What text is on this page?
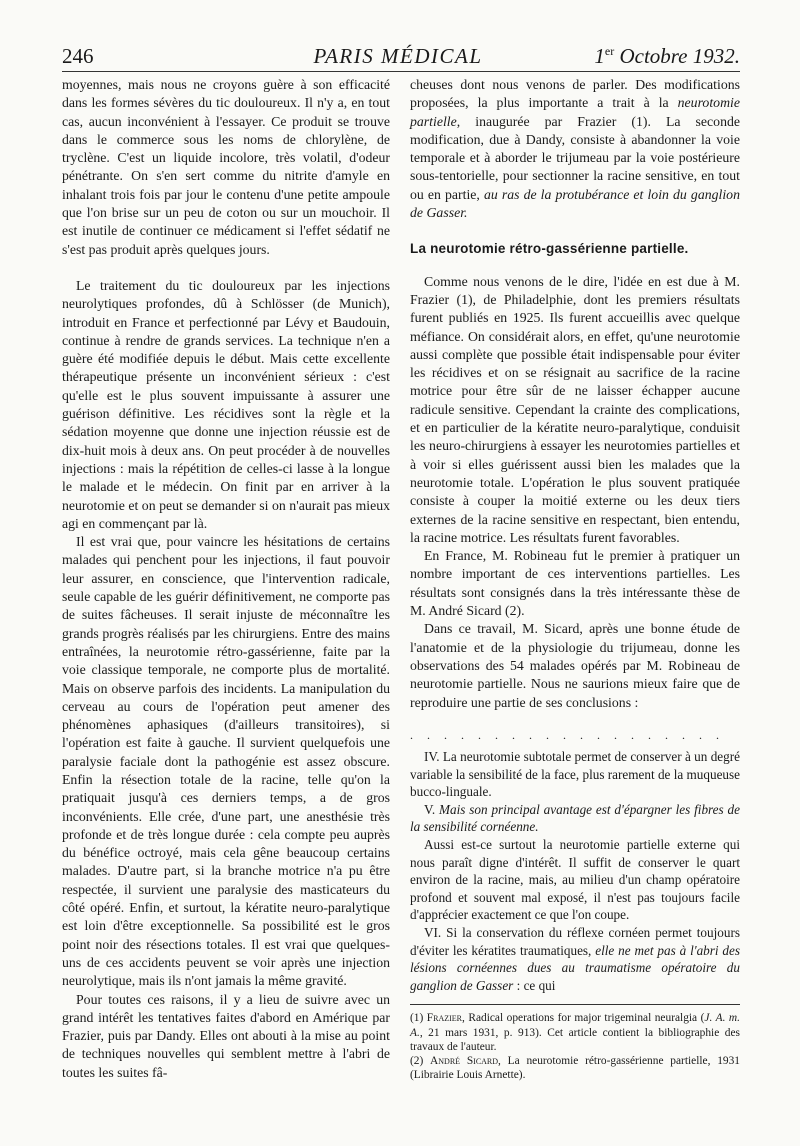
246	PARIS MÉDICAL	1er Octobre 1932.

moyennes, mais nous ne croyons guère à son efficacité dans les formes sévères du tic douloureux. Il n'y a, en tout cas, aucun inconvénient à l'essayer. Ce produit se trouve dans le commerce sous les noms de chlorylène, de tryclène. C'est un liquide incolore, très volatil, d'odeur pénétrante. On s'en sert comme du nitrite d'amyle en inhalant trois fois par jour le contenu d'une petite ampoule que l'on brise sur un peu de coton ou sur un mouchoir. Il est inutile de continuer ce médicament si l'effet sédatif ne s'est pas produit après quelques jours.

Le traitement du tic douloureux par les injections neurolytiques profondes, dû à Schlösser (de Munich), introduit en France et perfectionné par Lévy et Baudouin, continue à rendre de grands services. La technique n'en a guère été modifiée depuis le début. Mais cette excellente thérapeutique présente un inconvénient sérieux : c'est qu'elle est le plus souvent impuissante à assurer une guérison définitive. Les récidives sont la règle et la sédation moyenne que donne une injection réussie est de dix-huit mois à deux ans. On peut procéder à de nouvelles injections : mais la répétition de celles-ci lasse à la longue le malade et le médecin. On finit par en arriver à la neurotomie et on peut se demander si on n'aurait pas mieux agi en commençant par là.

Il est vrai que, pour vaincre les hésitations de certains malades qui penchent pour les injections, il faut pouvoir leur assurer, en conscience, que l'intervention radicale, seule capable de les guérir définitivement, ne comporte pas de suites fâcheuses. Il serait injuste de méconnaître les grands progrès réalisés par les chirurgiens. Entre des mains entraînées, la neurotomie rétro-gassérienne, faite par la voie classique temporale, ne comporte plus de mortalité. Mais on observe parfois des incidents. La manipulation du cerveau au cours de l'opération peut amener des phénomènes aphasiques (d'ailleurs transitoires), si l'opération est faite à gauche. Il survient quelquefois une paralysie faciale dont la pathogénie est assez obscure. Enfin la résection totale de la racine, telle qu'on la pratiquait jusqu'à ces derniers temps, a de gros inconvénients. Elle crée, d'une part, une anesthésie très profonde et de très longue durée : cela compte peu auprès du bénéfice octroyé, mais cela gêne beaucoup certains malades. D'autre part, si la branche motrice n'a pu être respectée, il survient une paralysie des masticateurs du côté opéré. Enfin, et surtout, la kératite neuro-paralytique est loin d'être exceptionnelle. Sa possibilité est le gros point noir des résections totales. Il est vrai que quelques-uns de ces accidents peuvent se voir après une injection neurolytique, mais ils n'ont jamais la même gravité.

Pour toutes ces raisons, il y a lieu de suivre avec un grand intérêt les tentatives faites d'abord en Amérique par Frazier, puis par Dandy. Elles ont abouti à la mise au point de techniques nouvelles qui semblent mettre à l'abri de toutes les suites fâ-

cheuses dont nous venons de parler. Des modifications proposées, la plus importante a trait à la neurotomie partielle, inaugurée par Frazier (1). La seconde modification, due à Dandy, consiste à abandonner la voie temporale et à aborder le trijumeau par la voie postérieure sous-tentorielle, pour sectionner la racine sensitive, en tout ou en partie, au ras de la protubérance et loin du ganglion de Gasser.

La neurotomie rétro-gassérienne partielle.

Comme nous venons de le dire, l'idée en est due à M. Frazier (1), de Philadelphie, dont les premiers résultats furent publiés en 1925. Ils furent accueillis avec quelque méfiance. On considérait alors, en effet, qu'une neurotomie aussi complète que possible était indispensable pour éviter les récidives et on se résignait au sacrifice de la racine motrice pour être sûr de ne laisser échapper aucune radicule sensitive. Cependant la crainte des complications, et en particulier de la kératite neuro-paralytique, conduisit les neuro-chirurgiens à essayer les neurotomies partielles et à voir si elles guérissent aussi bien les malades que la neurotomie totale. L'opération le plus souvent pratiquée consiste à couper la moitié externe ou les deux tiers externes de la racine sensitive en respectant, bien entendu, la racine motrice. Les résultats furent favorables.

En France, M. Robineau fut le premier à pratiquer un nombre important de ces interventions partielles. Les résultats sont consignés dans la très intéressante thèse de M. André Sicard (2).

Dans ce travail, M. Sicard, après une bonne étude de l'anatomie et de la physiologie du trijumeau, donne les observations des 54 malades opérés par M. Robineau de neurotomie partielle. Nous ne saurions mieux faire que de reproduire une partie de ses conclusions :

...................

IV. La neurotomie subtotale permet de conserver à un degré variable la sensibilité de la face, plus rarement de la muqueuse bucco-linguale.

V. Mais son principal avantage est d'épargner les fibres de la sensibilité cornéenne.

Aussi est-ce surtout la neurotomie partielle externe qui nous paraît digne d'intérêt. Il suffit de conserver le quart environ de la racine, mais, au milieu d'un champ opératoire profond et souvent mal exposé, il n'est pas toujours facile d'apprécier exactement ce que l'on coupe.

VI. Si la conservation du réflexe cornéen permet toujours d'éviter les kératites traumatiques, elle ne met pas à l'abri des lésions cornéennes dues au traumatisme opératoire du ganglion de Gasser : ce qui

(1) Frazier, Radical operations for major trigeminal neuralgia (J. A. m. A., 21 mars 1931, p. 913). Cet article contient la bibliographie des travaux de l'auteur.

(2) André Sicard, La neurotomie rétro-gassérienne partielle, 1931 (Librairie Louis Arnette).
